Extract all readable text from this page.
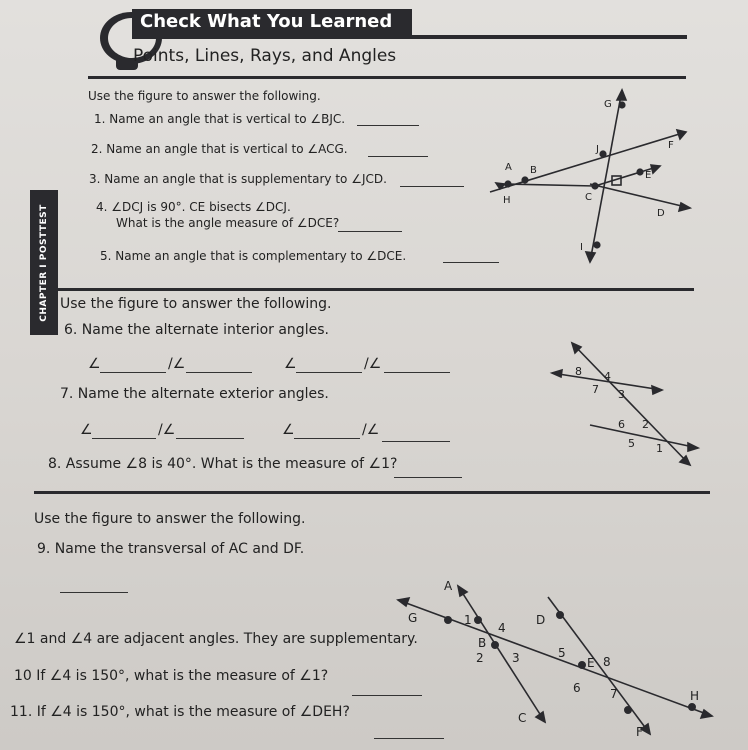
Check What You Learned
Points, Lines, Rays, and Angles
CHAPTER I POSTTEST
Use the figure to answer the following.
1. Name an angle that is vertical to ∠BJC.
2. Name an angle that is vertical to ∠ACG.
3. Name an angle that is supplementary to ∠JCD.
4. ∠DCJ is 90°. CE bisects ∠DCJ.
What is the angle measure of ∠DCE?
5. Name an angle that is complementary to ∠DCE.
G
J	F
A B	E
H	C
D
I
Use the figure to answer the following.
6. Name the alternate interior angles.
∠	/∠	∠	/∠
7. Name the alternate exterior angles.
∠	/∠	∠	/∠
8. Assume ∠8 is 40°. What is the measure of ∠1?
8 4
7 3
6 2
5 1
Use the figure to answer the following.
9. Name the transversal of AC and DF.
∠1 and ∠4 are adjacent angles. They are supplementary.
10 If ∠4 is 150°, what is the measure of ∠1?
11. If ∠4 is 150°, what is the measure of ∠DEH?
A
G	D
1
4
B
2 3	5
E 8
6 7	H
C
F
